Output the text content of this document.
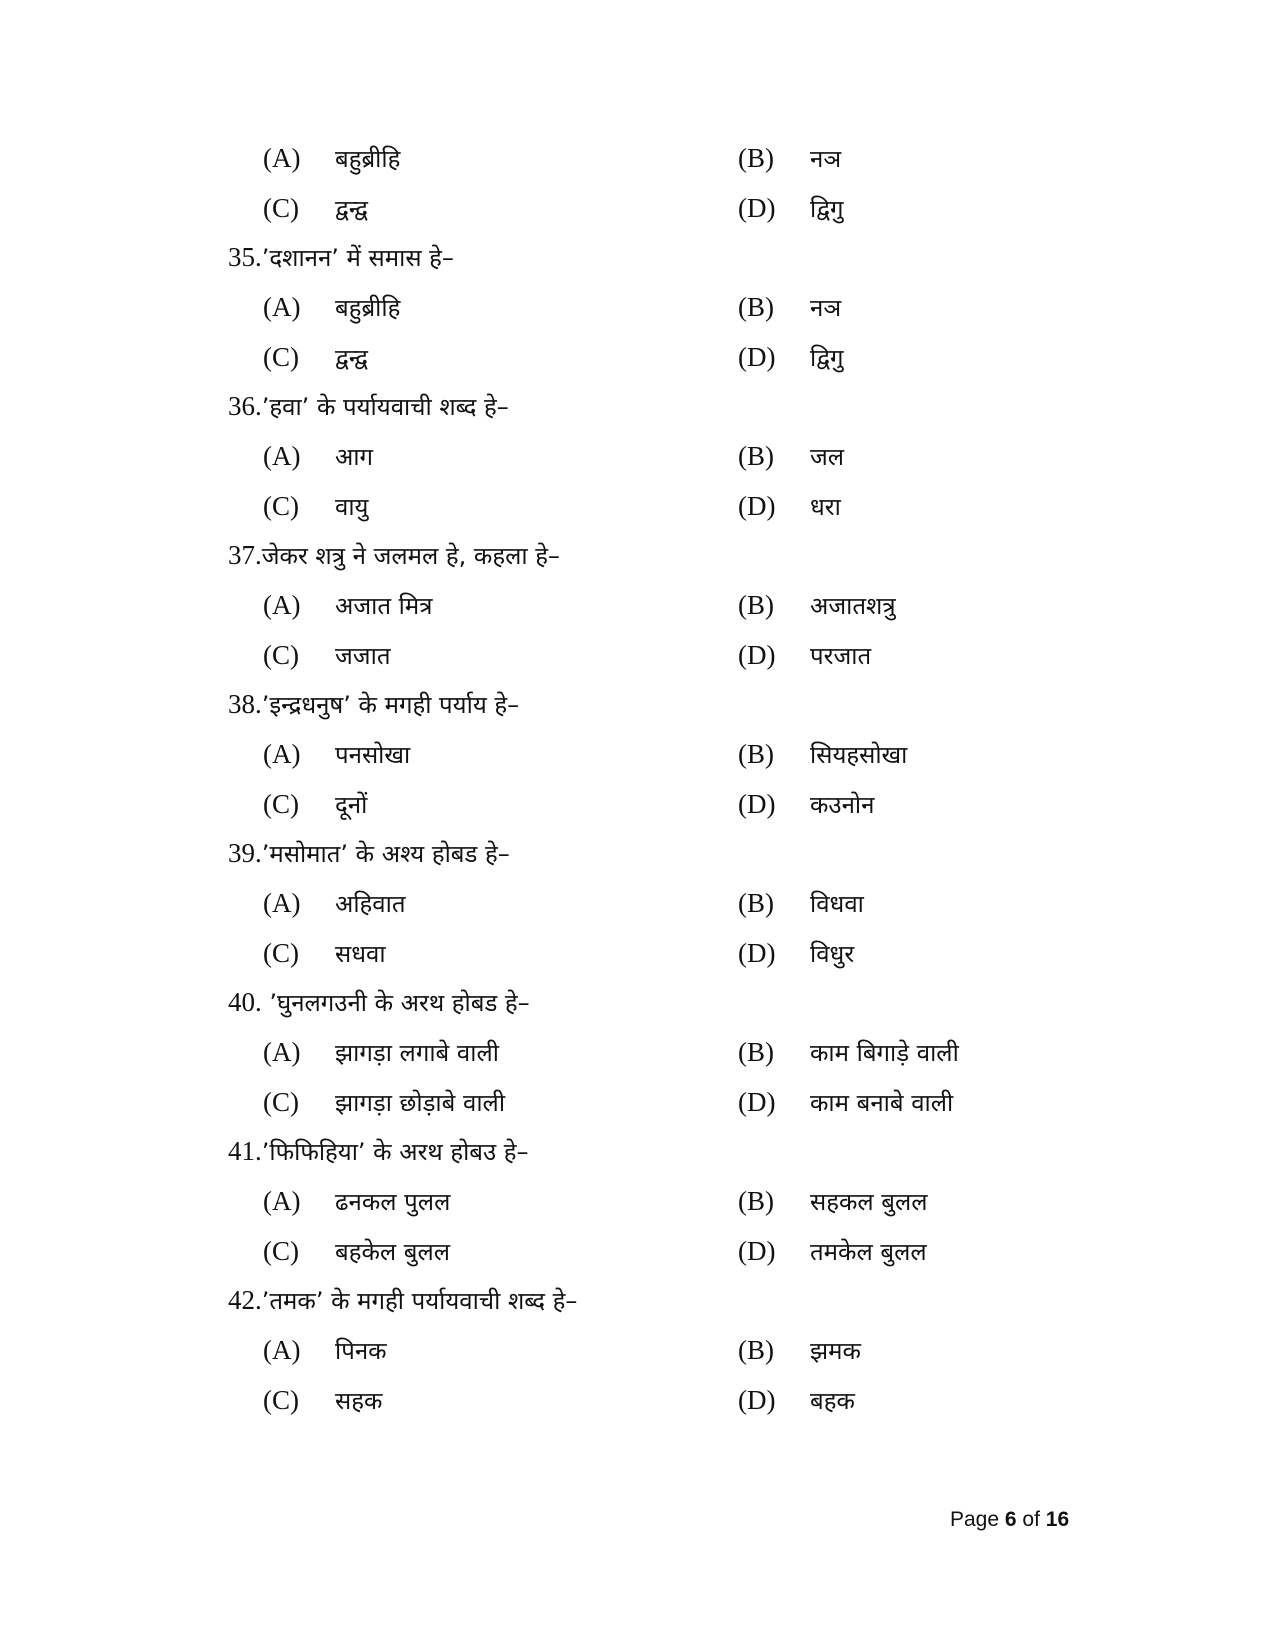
(A) बहुब्रीहि	(B) नञ
(C) द्वन्द्व	(D) द्विगु
35.’दशानन’ में समास हे–
(A) बहुब्रीहि	(B) नञ
(C) द्वन्द्व	(D) द्विगु
36.’हवा’ के पर्यायवाची शब्द हे–
(A) आग	(B) जल
(C) वायु	(D) धरा
37.जेकर शत्रु ने जलमल हे, कहला हे–
(A) अजात मित्र	(B) अजातशत्रु
(C) जजात	(D) परजात
38.’इन्द्रधनुष’ के मगही पर्याय हे–
(A) पनसोखा	(B) सियहसोखा
(C) दूनों	(D) कउनोन
39.’मसोमात’ के अश्य होबड हे–
(A) अहिवात	(B) विधवा
(C) सधवा	(D) विधुर
40. ’घुनलगउनी के अरथ होबड हे–
(A) झागड़ा लगाबे वाली	(B) काम बिगाड़े वाली
(C) झागड़ा छोड़ाबे वाली	(D) काम बनाबे वाली
41.’फिफिहिया’ के अरथ होबउ हे–
(A) ढनकल पुलल	(B) सहकल बुलल
(C) बहकेल बुलल	(D) तमकेल बुलल
42.’तमक’ के मगही पर्यायवाची शब्द हे–
(A) पिनक	(B) झमक
(C) सहक	(D) बहक
Page 6 of 16
